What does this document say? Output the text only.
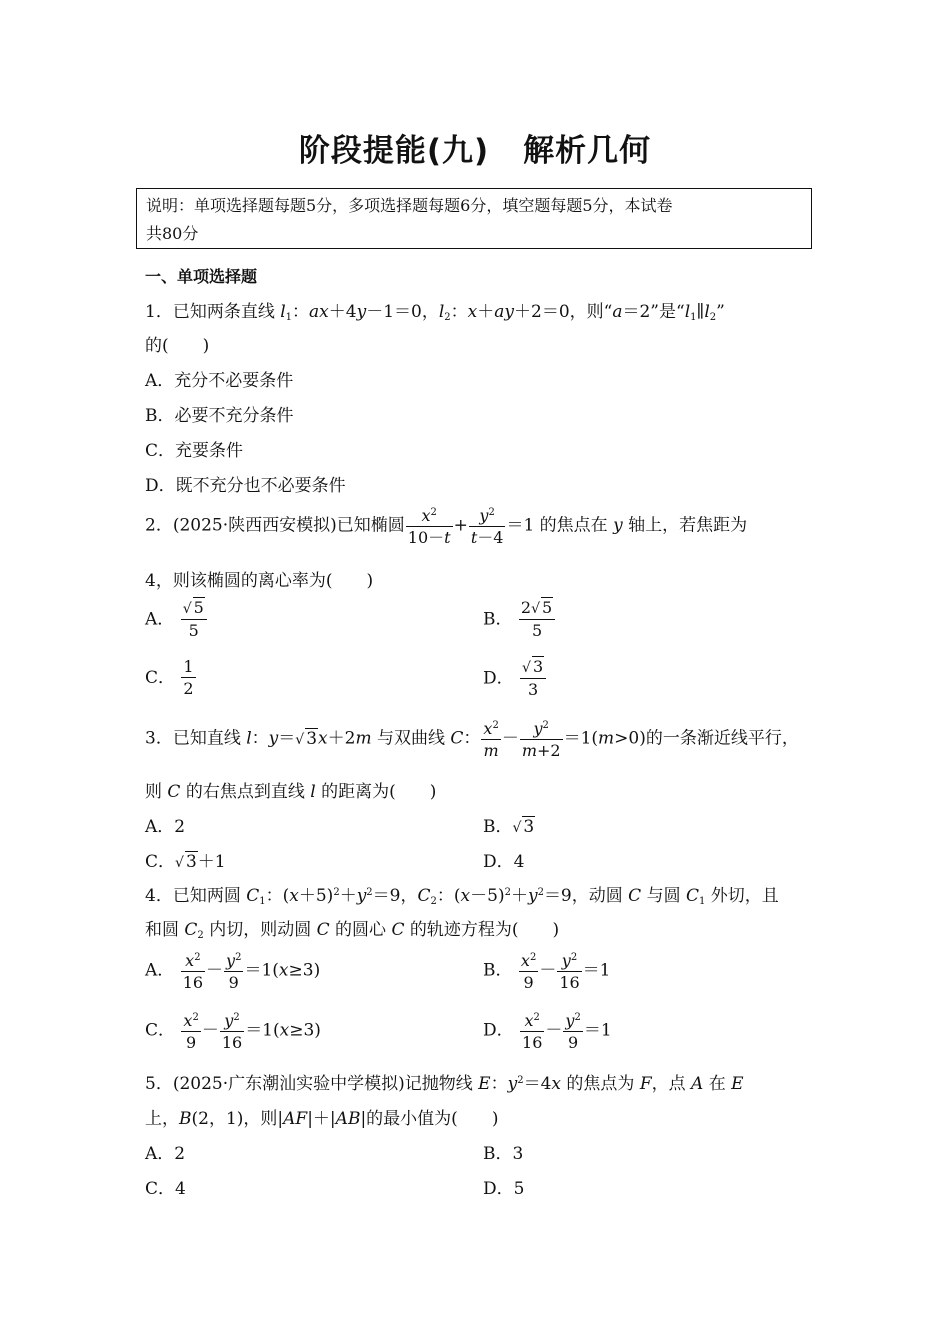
阶段提能(九) 解析几何
说明：单项选择题每题5分，多项选择题每题6分，填空题每题5分，本试卷
共80分
一、单项选择题
1．已知两条直线 $l_1$：ax＋4y－1＝0，$l_2$：x＋ay＋2＝0，则“a＝2”是“$l_1\parallel l_2$”
的(　　)
A．充分不必要条件
B．必要不充分条件
C．充要条件
D．既不充分也不必要条件
2．(2025·陕西西安模拟)已知椭圆 $\frac{x^2}{10-t} + \frac{y^2}{t-4} =1$ 的焦点在 y 轴上，若焦距为
4，则该椭圆的离心率为(　　)
A． $\frac{√ 5}{5}$	B． $\frac{2√ 5}{5}$
C． $\frac{1}{2}$	D． $\frac{√ 3}{3}$
3．已知直线 l：y＝√ 3x＋2m 与双曲线 C： $\frac{x^2}{m} - \frac{y^2}{m+2} =1(m>0)$的一条渐近线平行，
则 C 的右焦点到直线 l 的距离为(　　)
A．2	B．√ 3
C．√ 3＋1	D．4
4．已知两圆 $C_1$：$(x+5)^2+y^2=9$，$C_2$：$(x-5)^2+y^2=9$，动圆 C 与圆 $C_1$ 外切，且
和圆 $C_2$ 内切，则动圆 C 的圆心 C 的轨迹方程为(　　)
A． $\frac{x^2}{16} - \frac{y^2}{9} =1(x\ge 3)$	B． $\frac{x^2}{9} - \frac{y^2}{16} =1$
C． $\frac{x^2}{9} - \frac{y^2}{16} =1(x\ge 3)$	D． $\frac{x^2}{16} - \frac{y^2}{9} =1$
5．(2025·广东潮汕实验中学模拟)记抛物线 E：$y^2=4x$ 的焦点为 F，点 A 在 E
上，B(2，1)，则|AF|＋|AB|的最小值为(　　)
A．2	B．3
C．4	D．5
